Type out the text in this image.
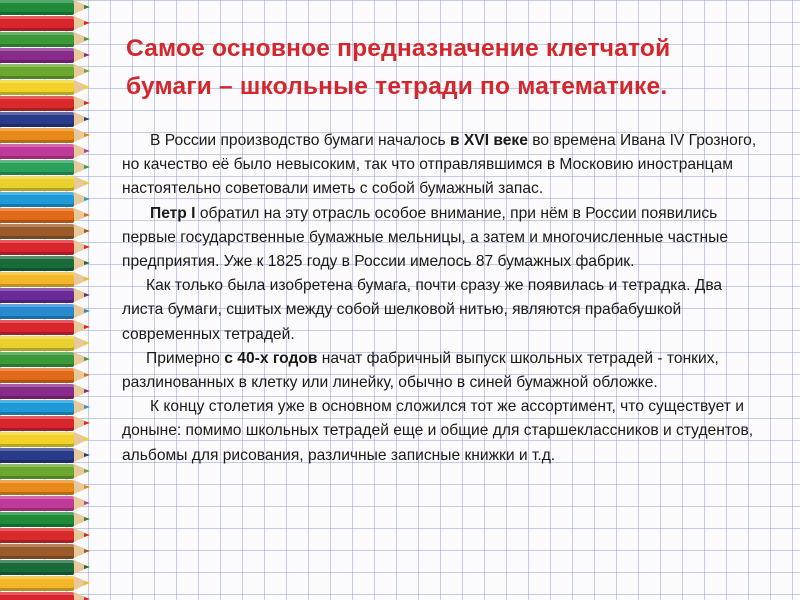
В России производство бумаги началось в XVI веке во времена Ивана IV Грозного, но качество её было невысоким, так что отправлявшимся в Московию иностранцам настоятельно советовали иметь с собой бумажный запас.

Петр I обратил на эту отрасль особое внимание, при нём в России появились первые государственные бумажные мельницы, а затем и многочисленные частные предприятия. Уже к 1825 году в России имелось 87 бумажных фабрик.

Как только была изобретена бумага, почти сразу же появилась и тетрадка. Два листа бумаги, сшитых между собой шелковой нитью, являются прабабушкой современных тетрадей.

Примерно с 40-х годов начат фабричный выпуск школьных тетрадей - тонких, разлинованных в клетку или линейку, обычно в синей бумажной обложке.

К концу столетия уже в основном сложился тот же ассортимент, что существует и доныне: помимо школьных тетрадей еще и общие для старшеклассников и студентов, альбомы для рисования, различные записные книжки и т.д.

Самое основное предназначение клетчатой бумаги – школьные тетради по математике.
